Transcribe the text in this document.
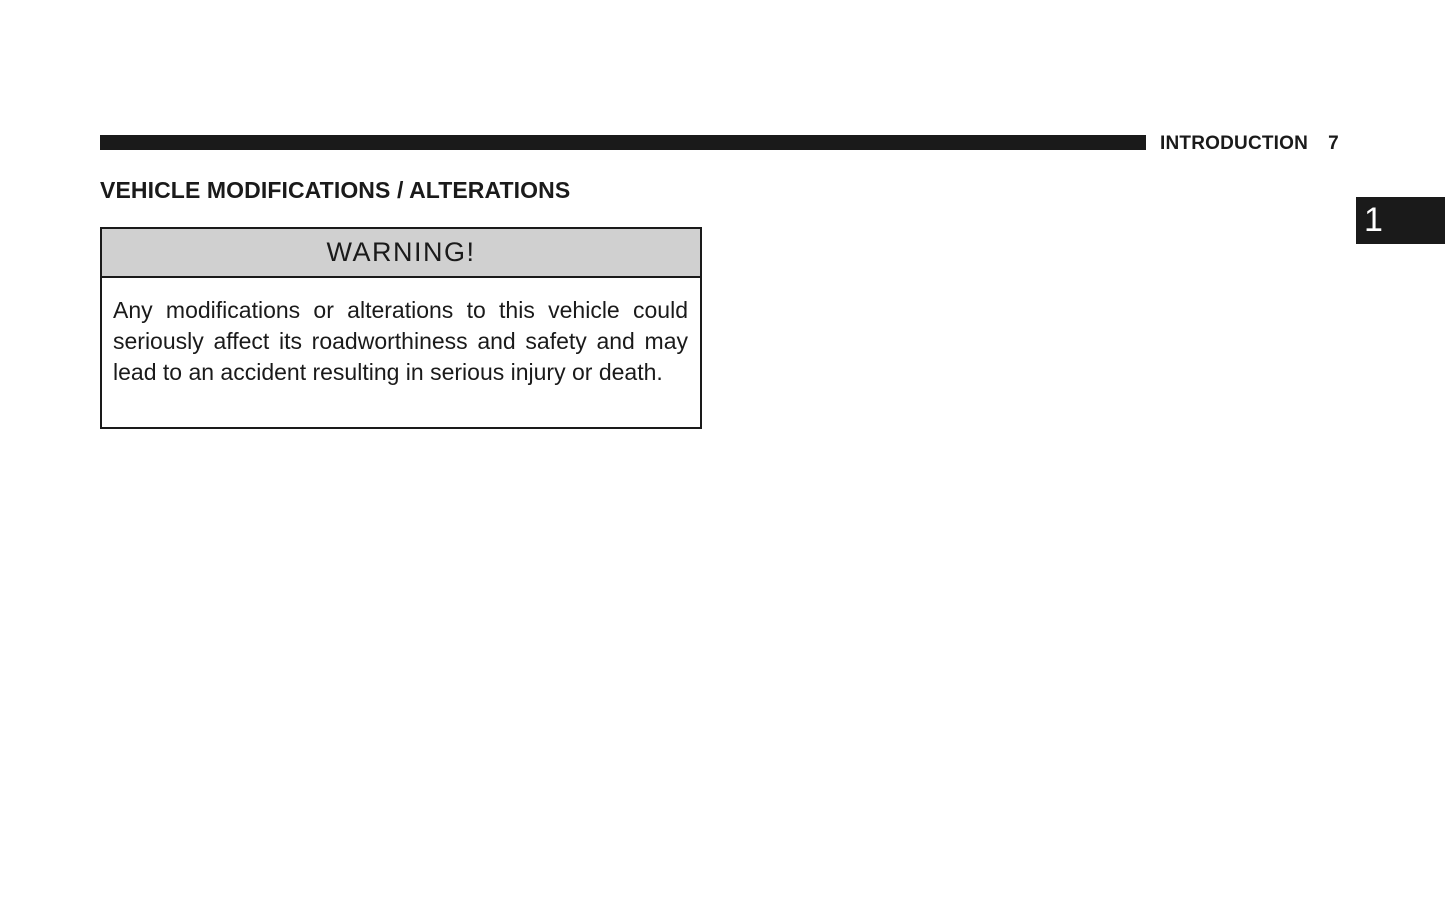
INTRODUCTION 7
1
VEHICLE MODIFICATIONS / ALTERATIONS
WARNING!
Any modifications or alterations to this vehicle could seriously affect its roadworthiness and safety and may lead to an accident resulting in serious injury or death.
